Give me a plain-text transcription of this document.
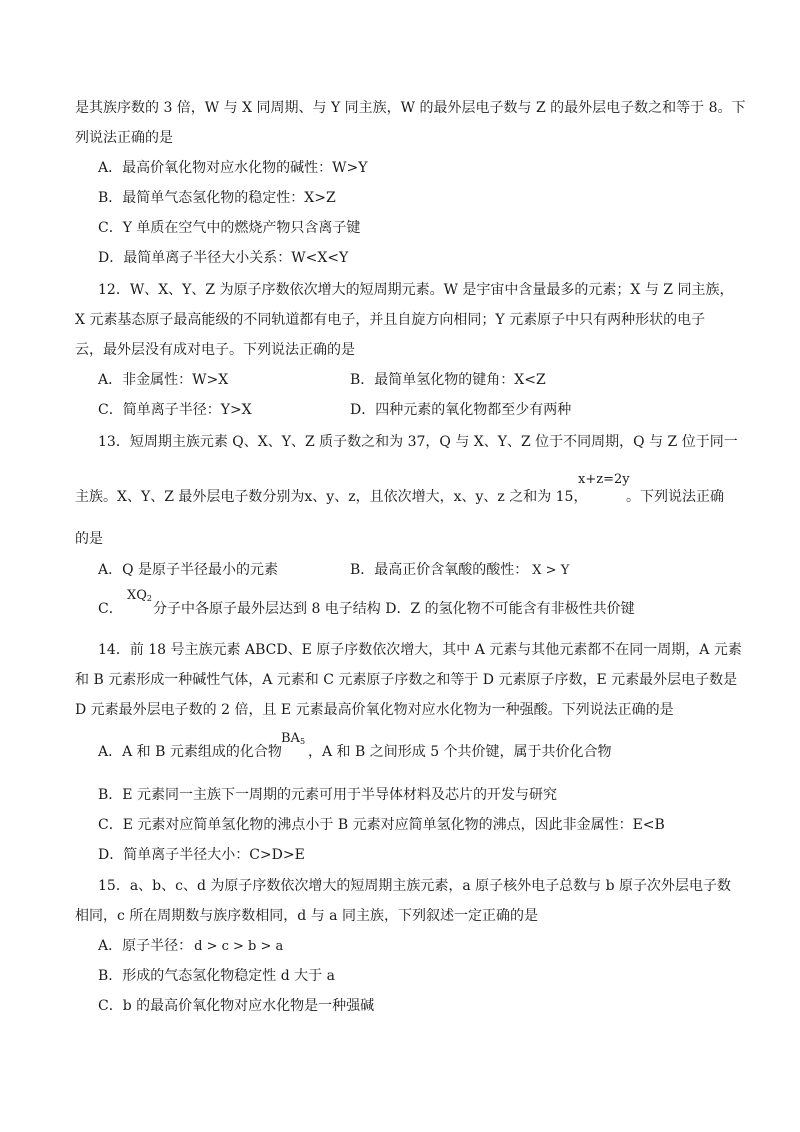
是其族序数的 3 倍，W 与 X 同周期、与 Y 同主族，W 的最外层电子数与 Z 的最外层电子数之和等于 8。下
列说法正确的是
A．最高价氧化物对应水化物的碱性：W>Y
B．最简单气态氢化物的稳定性：X>Z
C．Y 单质在空气中的燃烧产物只含离子键
D．最简单离子半径大小关系：W<X<Y
12．W、X、Y、Z 为原子序数依次增大的短周期元素。W 是宇宙中含量最多的元素；X 与 Z 同主族，
X 元素基态原子最高能级的不同轨道都有电子，并且自旋方向相同；Y 元素原子中只有两种形状的电子
云，最外层没有成对电子。下列说法正确的是
A．非金属性：W>X	B．最简单氢化物的键角：X<Z
C．简单离子半径：Y>X	D．四种元素的氧化物都至少有两种
13．短周期主族元素 Q、X、Y、Z 质子数之和为 37，Q 与 X、Y、Z 位于不同周期，Q 与 Z 位于同一
x+z=2y
主族。X、Y、Z 最外层电子数分别为x、y、z，且依次增大，x、y、z 之和为 15，	。下列说法正确
的是
A．Q 是原子半径最小的元素	B．最高正价含氧酸的酸性： X > Y
C．
$XQ_2$
分子中各原子最外层达到 8 电子结构 D．Z 的氢化物不可能含有非极性共价键
14．前 18 号主族元素 ABCD、E 原子序数依次增大，其中 A 元素与其他元素都不在同一周期，A 元素
和 B 元素形成一种碱性气体，A 元素和 C 元素原子序数之和等于 D 元素原子序数，E 元素最外层电子数是
D 元素最外层电子数的 2 倍，且 E 元素最高价氧化物对应水化物为一种强酸。下列说法正确的是
A．A 和 B 元素组成的化合物
$BA_5$
，A 和 B 之间形成 5 个共价键，属于共价化合物
B．E 元素同一主族下一周期的元素可用于半导体材料及芯片的开发与研究
C．E 元素对应简单氢化物的沸点小于 B 元素对应简单氢化物的沸点，因此非金属性：E<B
D．简单离子半径大小：C>D>E
15．a、b、c、d 为原子序数依次增大的短周期主族元素，a 原子核外电子总数与 b 原子次外层电子数
相同，c 所在周期数与族序数相同，d 与 a 同主族，下列叙述一定正确的是
A．原子半径： d > c > b > a
B．形成的气态氢化物稳定性 d 大于 a
C．b 的最高价氧化物对应水化物是一种强碱
